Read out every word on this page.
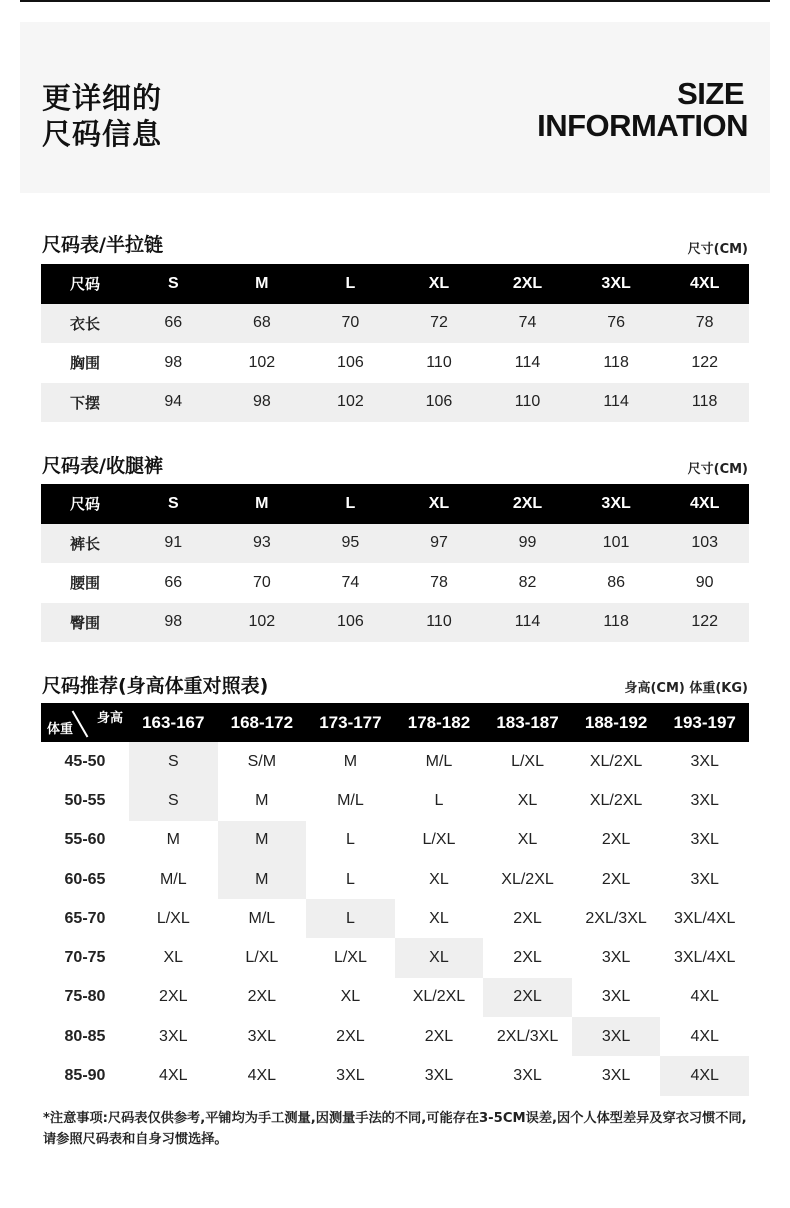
更详细的
尺码信息
SIZE
INFORMATION
尺码表/半拉链	尺寸(CM)
尺码	S	M	L	XL	2XL	3XL	4XL
衣长	66	68	70	72	74	76	78
胸围	98	102	106	110	114	118	122
下摆	94	98	102	106	110	114	118
尺码表/收腿裤	尺寸(CM)
尺码	S	M	L	XL	2XL	3XL	4XL
裤长	91	93	95	97	99	101	103
腰围	66	70	74	78	82	86	90
臀围	98	102	106	110	114	118	122
尺码推荐(身高体重对照表)	身高(CM) 体重(KG)
身高
体重	163-167	168-172	173-177	178-182	183-187	188-192	193-197
45-50	S	S/M	M	M/L	L/XL	XL/2XL	3XL
50-55	S	M	M/L	L	XL	XL/2XL	3XL
55-60	M	M	L	L/XL	XL	2XL	3XL
60-65	M/L	M	L	XL	XL/2XL	2XL	3XL
65-70	L/XL	M/L	L	XL	2XL	2XL/3XL	3XL/4XL
70-75	XL	L/XL	L/XL	XL	2XL	3XL	3XL/4XL
75-80	2XL	2XL	XL	XL/2XL	2XL	3XL	4XL
80-85	3XL	3XL	2XL	2XL	2XL/3XL	3XL	4XL
85-90	4XL	4XL	3XL	3XL	3XL	3XL	4XL
*注意事项:尺码表仅供参考,平铺均为手工测量,因测量手法的不同,可能存在3-5CM误差,因个人体型差异及穿衣习惯不同,请参照尺码表和自身习惯选择。
